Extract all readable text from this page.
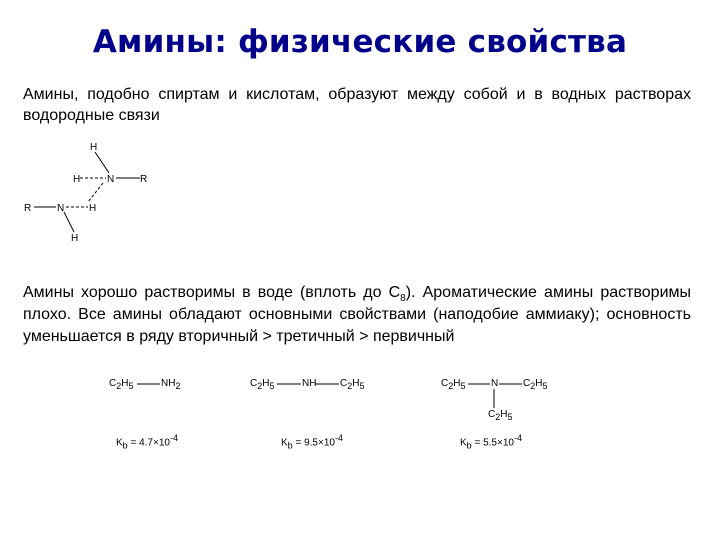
Амины: физические свойства
Амины, подобно спиртам и кислотам, образуют между собой и в водных растворах водородные связи
H
H	N	R
R	N H
H
Амины хорошо растворимы в воде (вплоть до $C_8$). Ароматические амины растворимы плохо. Все амины обладают основными свойствами (наподобие аммиаку); основность уменьшается в ряду вторичный > третичный > первичный
$C_2H_5$	$NH_2$
$K_b = 4.7\times 10^{-4}$
$C_2H_5$	NH $C_2H_5$
$K_b = 9.5\times 10^{-4}$
$C_2H_5$	N $C_2H_5$
$C_2H_5$
$K_b = 5.5\times 10^{-4}$
